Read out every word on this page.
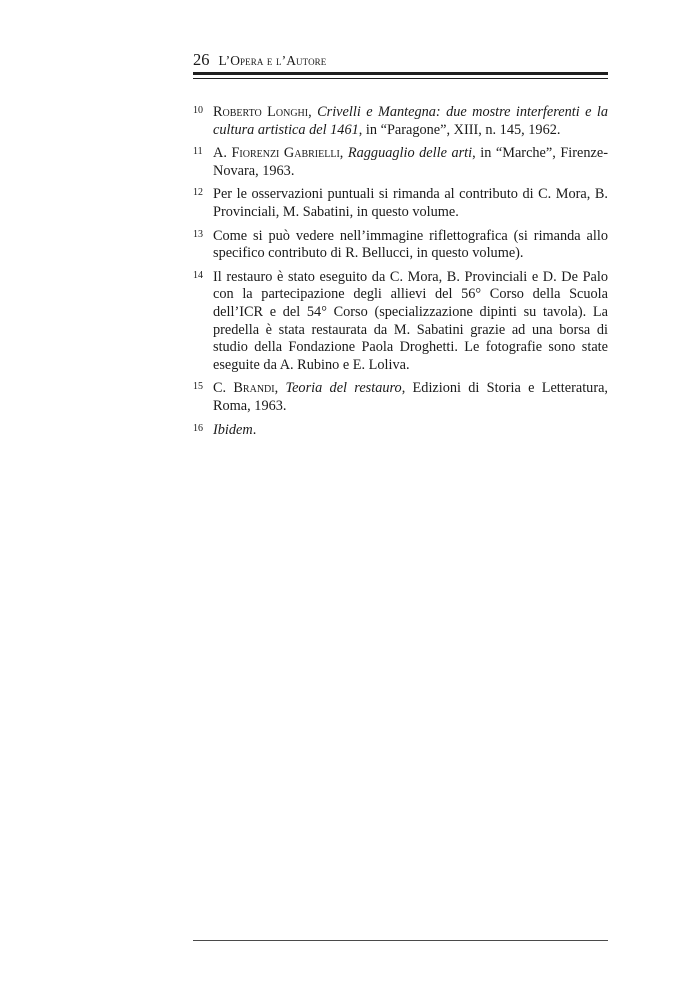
26 L’Opera e l’Autore
10 Roberto Longhi, Crivelli e Mantegna: due mostre interferenti e la cultura artistica del 1461, in “Paragone”, XIII, n. 145, 1962.
11 A. Fiorenzi Gabrielli, Ragguaglio delle arti, in “Marche”, Firenze-Novara, 1963.
12 Per le osservazioni puntuali si rimanda al contributo di C. Mora, B. Provinciali, M. Sabatini, in questo volume.
13 Come si può vedere nell’immagine riflettografica (si rimanda allo specifico contributo di R. Bellucci, in questo volume).
14 Il restauro è stato eseguito da C. Mora, B. Provinciali e D. De Palo con la partecipazione degli allievi del 56° Corso della Scuola dell’ICR e del 54° Corso (specializzazione dipinti su tavola). La predella è stata restaurata da M. Sabatini grazie ad una borsa di studio della Fondazione Paola Droghetti. Le fotografie sono state eseguite da A. Rubino e E. Loliva.
15 C. Brandi, Teoria del restauro, Edizioni di Storia e Letteratura, Roma, 1963.
16 Ibidem.
